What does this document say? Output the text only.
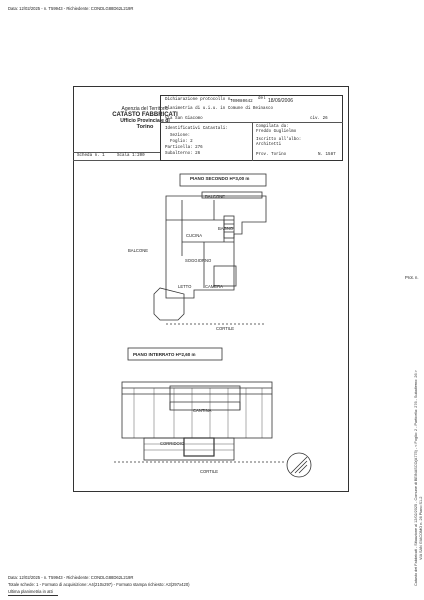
Data: 12/02/2025 - n. T59943 - Richiedente: CONDLG88D62L219R
Agenzia del Territorio
CATASTO FABBRICATI
Ufficio Provinciale di
Torino
Dichiarazione protocollo n.
T00080642
del 18/09/2006
Planimetria di u.i.u. in Comune di Beinasco
Via San Giacomo	civ. 26
Identificativi Catastali:
Sezione:
Foglio: 2
Particella: 276
Subalterno: 26
Compilata da:
Freddo Guglielmo
Iscritto all'albo:
Architetti
Prov. Torino	N. 1587
Scheda n. 1	Scala 1:200
PIANO SECONDO H=3,00 m
BALCONE
BALCONE
CUCINA
BAGNO
LETTO	CAMERA
SOGGIORNO
CORTILE
PIANO INTERRATO H=2,60 m
CANTINA
CORRIDOIO
CORTILE
Prot. n.
Catasto dei Fabbricati - Situazione al 12/02/2025 - Comune di BEINASCO(A775) - < Foglio: 2 - Particella: 276 - Subalterno: 26 > VIA SAN GIACOMO n. 26 Piano S1-2
Data: 12/02/2025 - n. T59943 - Richiedente: CONDLG88D62L219R
Totale schede: 1 - Formato di acquisizione: A4(210x297) - Formato stampa richiesto: A3(297x420)
Ultima planimetria in atti
